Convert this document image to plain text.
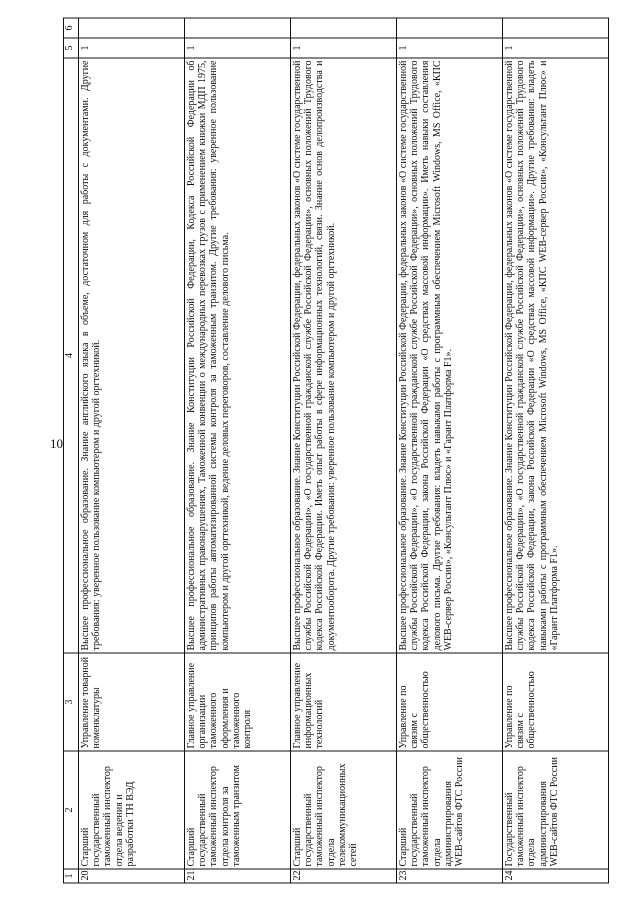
10
1	2	3	4	5	6
20.	Старший государственный таможенный инспектор отдела ведения и разработки ТН ВЭД	Управление товарной номенклатуры	Высшее профессиональное образование. Знание английского языка в объеме, достаточном для работы с документами. Другие требования: уверенное пользование компьютером и другой оргтехникой.	1	
21.	Старший государственный таможенный инспектор отдела контроля за таможенным транзитом	Главное управление организации таможенного оформления и таможенного контроля	Высшее профессиональное образование. Знание Конституции Российской Федерации, Кодекса Российской Федерации об административных правонарушениях, Таможенной конвенции о международных перевозках грузов с применением книжки МДП 1975, принципов работы автоматизированной системы контроля за таможенным транзитом. Другие требования: уверенное пользование компьютером и другой оргтехникой, ведение деловых переговоров, составление делового письма.	1	
22.	Старший государственный таможенный инспектор отдела телекоммуникационных сетей	Главное управление информационных технологий	Высшее профессиональное образование. Знание Конституции Российской Федерации, федеральных законов «О системе государственной службы Российской Федерации», «О государственной гражданской службе Российской Федерации», основных положений Трудового кодекса Российской Федерации. Иметь опыт работы в сфере информационных технологий, связи. Знание основ делопроизводства и документооборота. Другие требования: уверенное пользование компьютером и другой оргтехникой.	1	
23.	Старший государственный таможенный инспектор отдела администрирования WEB-сайтов ФТС России	Управление по связям с общественностью	Высшее профессиональное образование. Знание Конституции Российской Федерации, федеральных законов «О системе государственной службы Российской Федерации», «О государственной гражданской службе Российской Федерации», основных положений Трудового кодекса Российской Федерации, закона Российской Федерации «О средствах массовой информации». Иметь навыки составления делового письма. Другие требования: владеть навыками работы с программным обеспечением Microsoft Windows, MS Office, «КПС WEB-сервер России», «Консультант Плюс» и «Гарант Платформа F1».	1	
24.	Государственный таможенный инспектор отдела администрирования WEB-сайтов ФТС России	Управление по связям с общественностью	Высшее профессиональное образование. Знание Конституции Российской Федерации, федеральных законов «О системе государственной службы Российской Федерации», «О государственной гражданской службе Российской Федерации», основных положений Трудового кодекса Российской Федерации, закона Российской Федерации «О средствах массовой информации». Другие требования: владеть навыками работы с программным обеспечением Microsoft Windows, MS Office, «КПС WEB-сервер России», «Консультант Плюс» и «Гарант Платформа F1».	1	
